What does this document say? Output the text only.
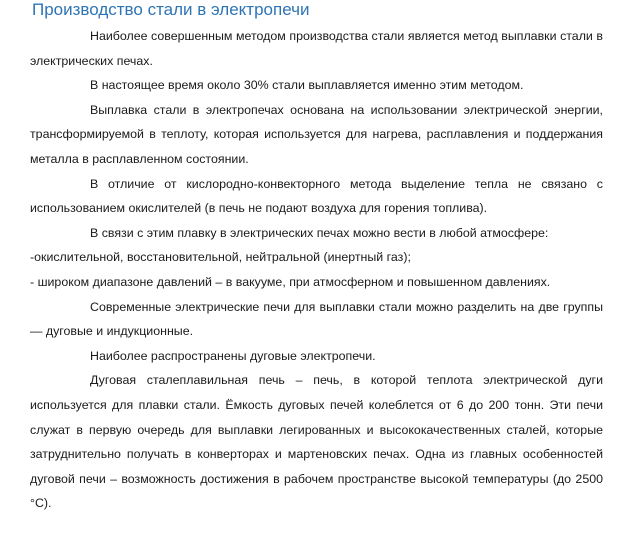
Производство стали в электропечи

Наиболее совершенным методом производства стали является метод выплавки стали в электрических печах.

В настоящее время около 30% стали выплавляется именно этим методом.

Выплавка стали в электропечах основана на использовании электрической энергии, трансформируемой в теплоту, которая используется для нагрева, расплавления и поддержания металла в расплавленном состоянии.

В отличие от кислородно-конвекторного метода выделение тепла не связано с использованием окислителей (в печь не подают воздуха для горения топлива).

В связи с этим плавку в электрических печах можно вести в любой атмосфере:

-окислительной, восстановительной, нейтральной (инертный газ);

- широком диапазоне давлений – в вакууме, при атмосферном и повышенном давлениях.

Современные электрические печи для выплавки стали можно разделить на две группы — дуговые и индукционные.

Наиболее распространены дуговые электропечи.

Дуговая сталеплавильная печь – печь, в которой теплота электрической дуги используется для плавки стали. Ёмкость дуговых печей колеблется от 6 до 200 тонн. Эти печи служат в первую очередь для выплавки легированных и высококачественных сталей, которые затруднительно получать в конверторах и мартеновских печах. Одна из главных особенностей дуговой печи – возможность достижения в рабочем пространстве высокой температуры (до 2500 °С).
